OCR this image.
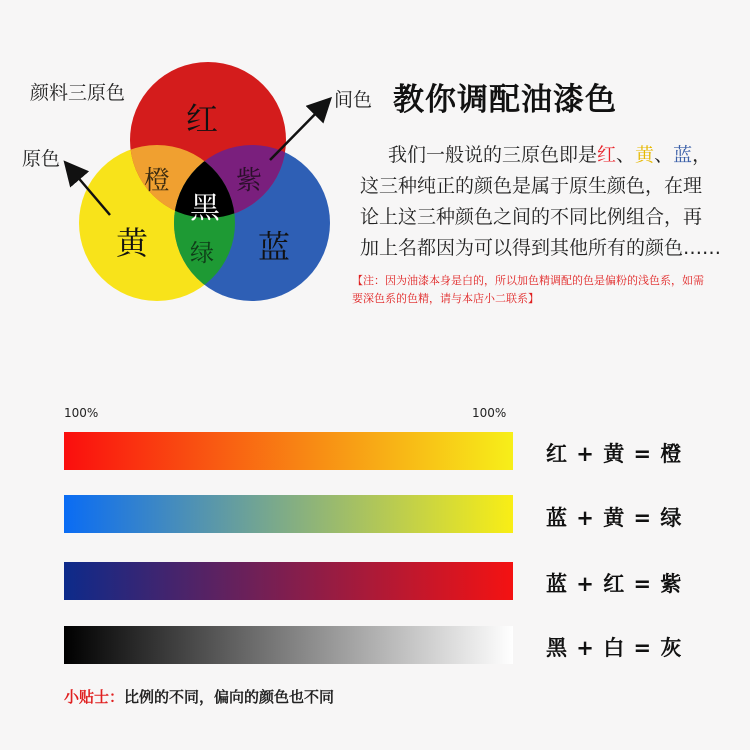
颜料三原色
原色
间色
红
黄	蓝
橙	紫
绿
黑
教你调配油漆色
我们一般说的三原色即是红、黄、蓝，
这三种纯正的颜色是属于原生颜色，在理
论上这三种颜色之间的不同比例组合，再
加上名都因为可以得到其他所有的颜色……
【注：因为油漆本身是白的，所以加色精调配的色是偏粉的浅色系，如需
要深色系的色精，请与本店小二联系】
100%	100%
红 + 黄 = 橙
蓝 + 黄 = 绿
蓝 + 红 = 紫
黑 + 白 = 灰
小贴士：比例的不同，偏向的颜色也不同
